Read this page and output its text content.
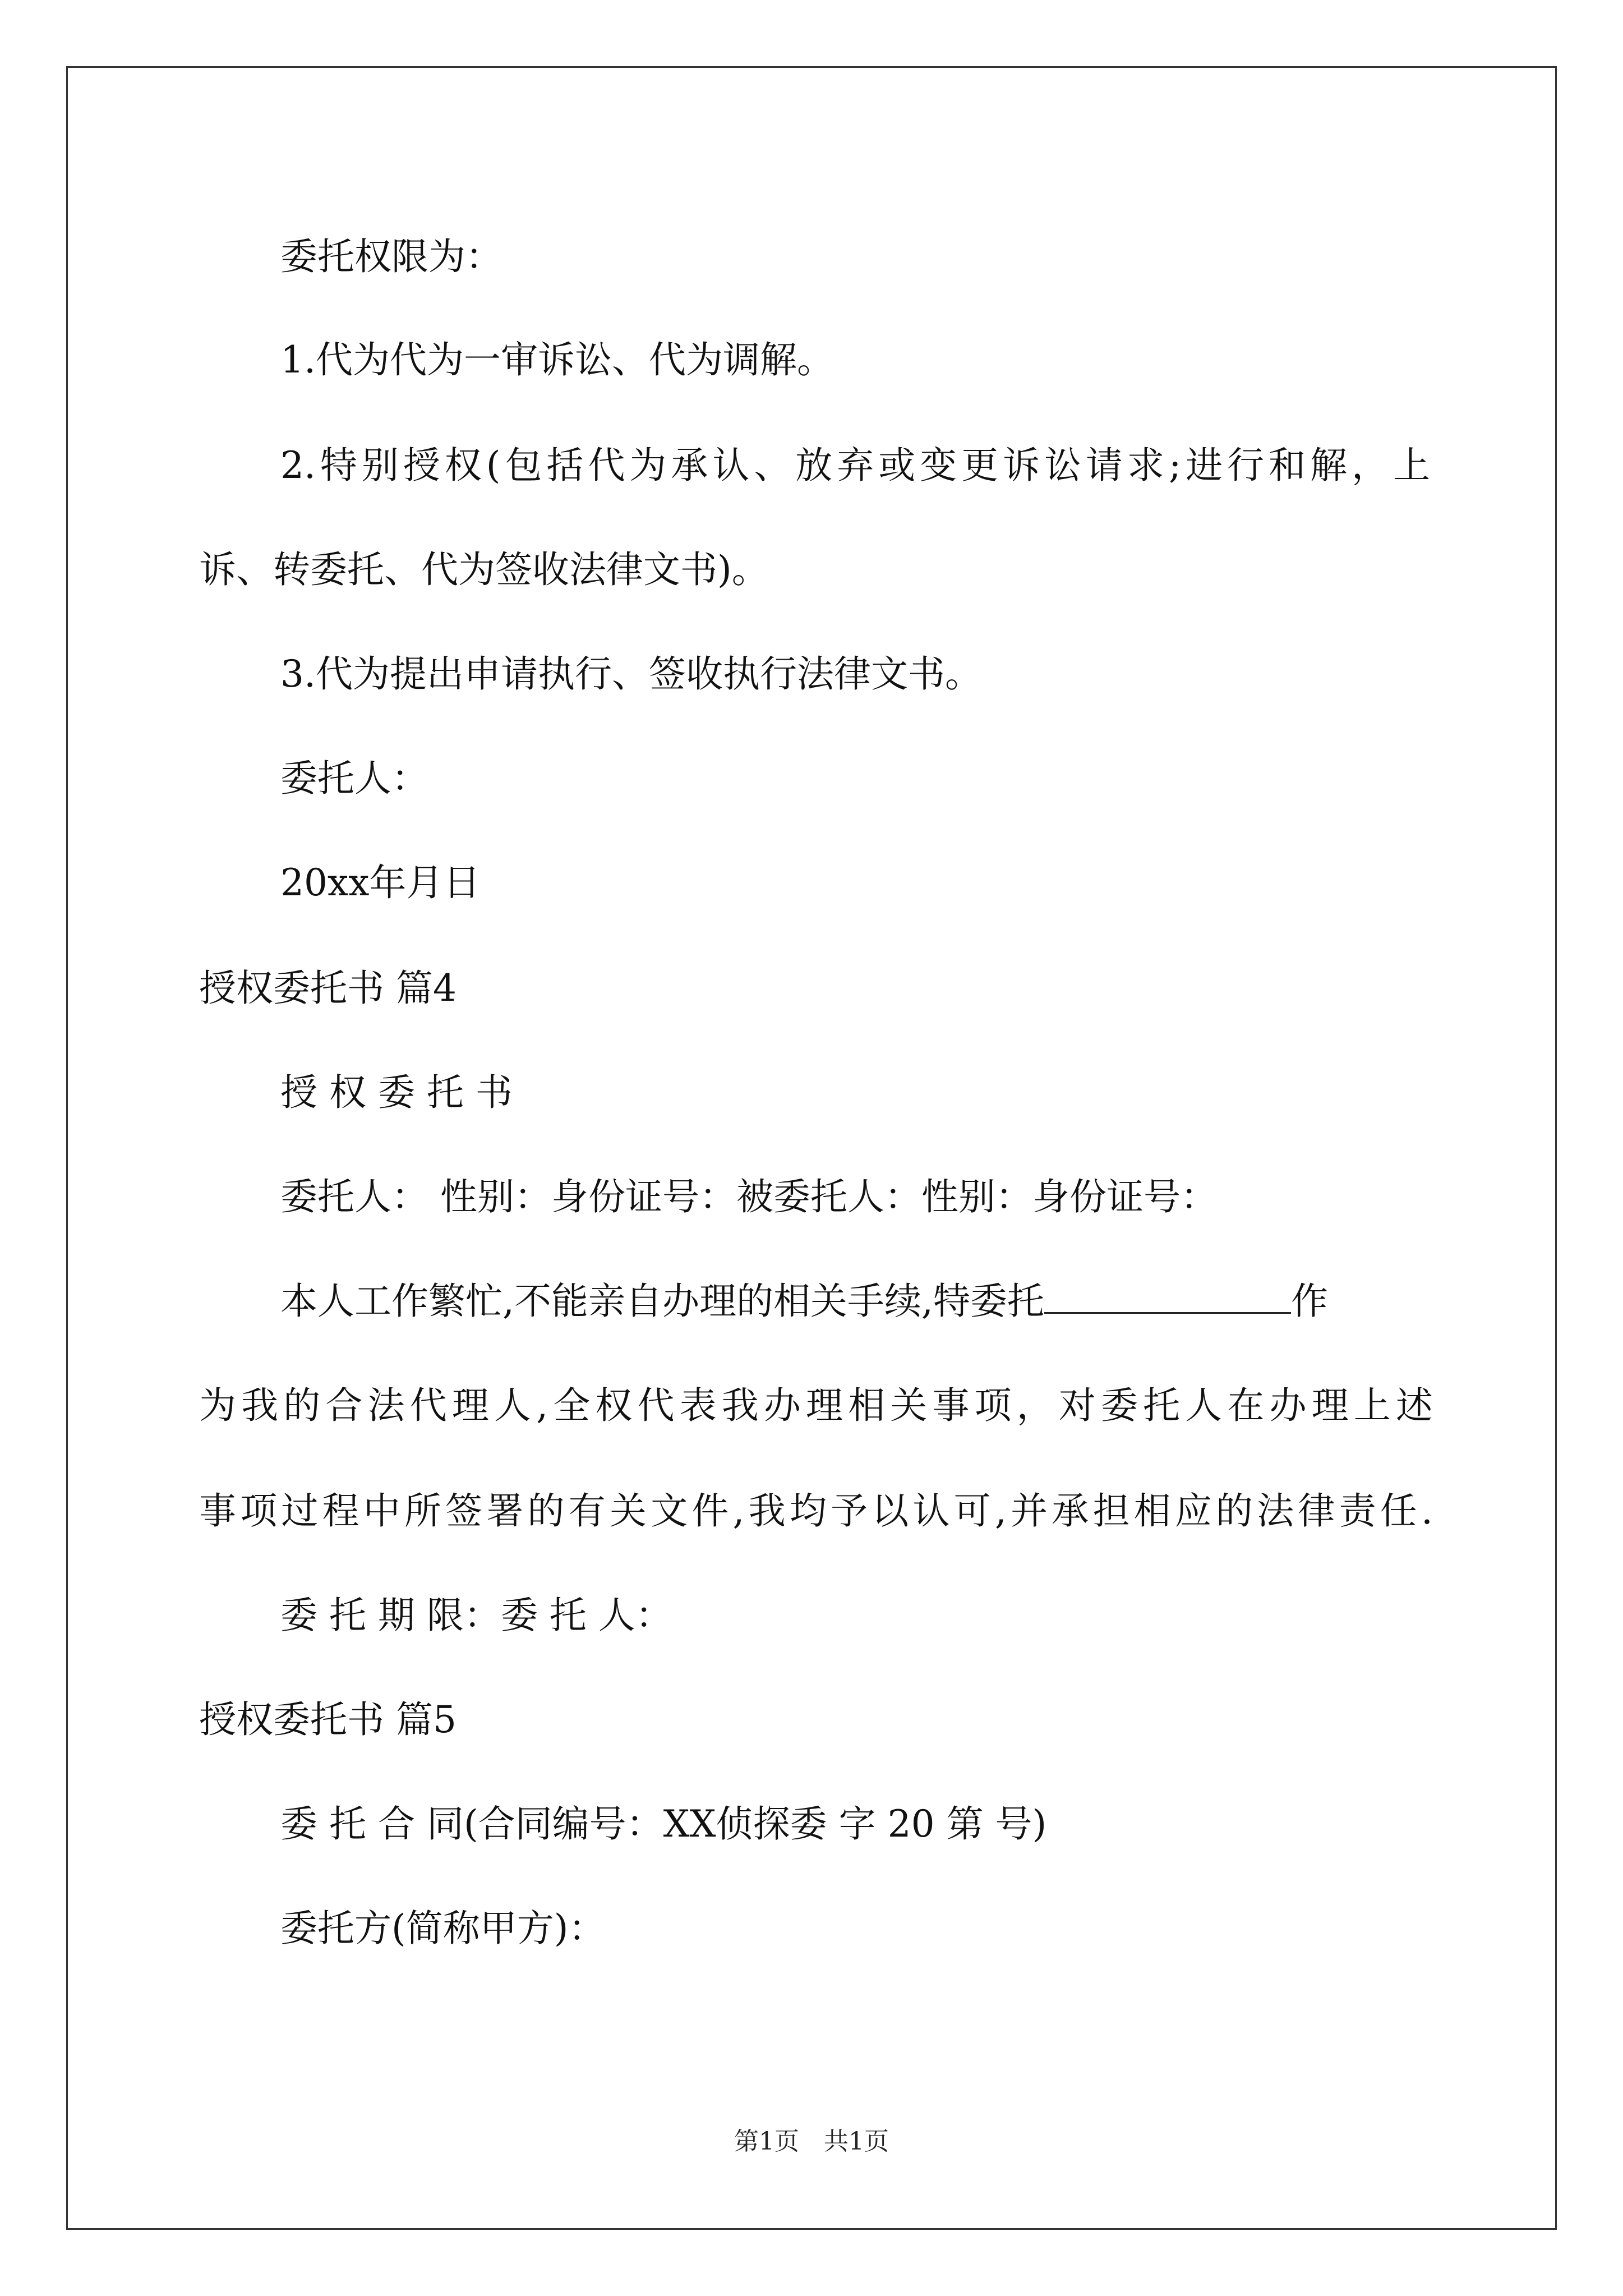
委托权限为：
1.代为代为一审诉讼、代为调解。
2.特别授权(包括代为承认、放弃或变更诉讼请求;进行和解，上
诉、转委托、代为签收法律文书)。
3.代为提出申请执行、签收执行法律文书。
委托人：
20xx年月日
授权委托书 篇4
授 权 委 托 书
委托人： 性别：身份证号：被委托人：性别：身份证号：
本人工作繁忙,不能亲自办理的相关手续,特委托	作
为我的合法代理人,全权代表我办理相关事项，对委托人在办理上述
事项过程中所签署的有关文件,我均予以认可,并承担相应的法律责任.
委 托 期 限：委 托 人：
授权委托书 篇5
委 托 合 同(合同编号：XX侦探委 字 20 第 号)
委托方(简称甲方)：
第1页　共1页
